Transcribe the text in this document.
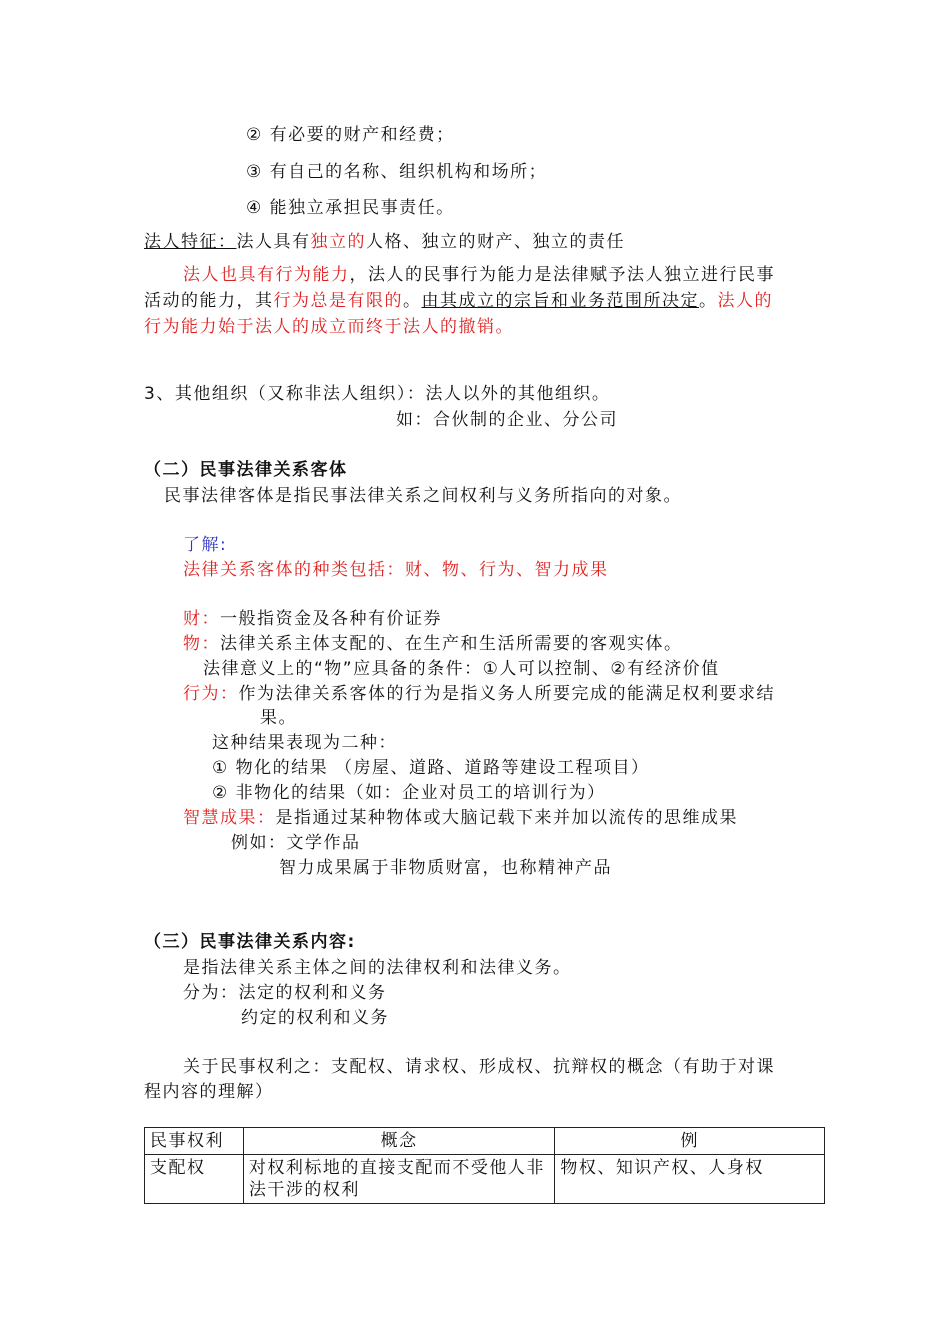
② 有必要的财产和经费；
③ 有自己的名称、组织机构和场所；
④ 能独立承担民事责任。
法人特征：法人具有独立的人格、独立的财产、独立的责任
法人也具有行为能力，法人的民事行为能力是法律赋予法人独立进行民事
活动的能力，其行为总是有限的。由其成立的宗旨和业务范围所决定。法人的
行为能力始于法人的成立而终于法人的撤销。
3、其他组织（又称非法人组织）：法人以外的其他组织。
如：合伙制的企业、分公司
（二）民事法律关系客体
民事法律客体是指民事法律关系之间权利与义务所指向的对象。
了解:
法律关系客体的种类包括：财、物、行为、智力成果
财：一般指资金及各种有价证券
物：法律关系主体支配的、在生产和生活所需要的客观实体。
法律意义上的“物”应具备的条件：①人可以控制、②有经济价值
行为：作为法律关系客体的行为是指义务人所要完成的能满足权利要求结
果。
这种结果表现为二种：
① 物化的结果 （房屋、道路、道路等建设工程项目）
② 非物化的结果（如：企业对员工的培训行为）
智慧成果：是指通过某种物体或大脑记载下来并加以流传的思维成果
例如：文学作品
智力成果属于非物质财富，也称精神产品
（三）民事法律关系内容:
是指法律关系主体之间的法律权利和法律义务。
分为：法定的权利和义务
约定的权利和义务
关于民事权利之：支配权、请求权、形成权、抗辩权的概念（有助于对课
程内容的理解）
民事权利	概念	例
支配权	对权利标地的直接支配而不受他人非法干涉的权利	物权、知识产权、人身权
